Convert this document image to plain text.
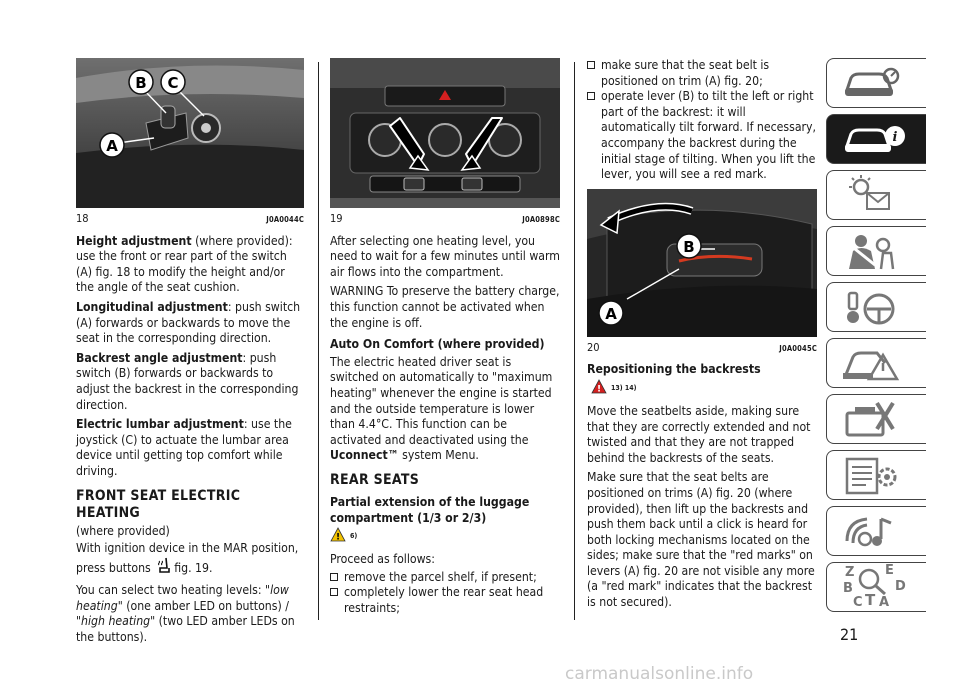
B C
A
18	J0A0044C

Height adjustment (where provided): use the front or rear part of the switch (A) fig. 18 to modify the height and/or the angle of the seat cushion.

Longitudinal adjustment: push switch (A) forwards or backwards to move the seat in the corresponding direction.

Backrest angle adjustment: push switch (B) forwards or backwards to adjust the backrest in the corresponding direction.

Electric lumbar adjustment: use the joystick (C) to actuate the lumbar area device until getting top comfort while driving.

FRONT SEAT ELECTRIC HEATING

(where provided)

With ignition device in the MAR position, press buttons fig. 19.

You can select two heating levels: "low heating" (one amber LED on buttons) / "high heating" (two LED amber LEDs on the buttons).

19	J0A0898C

After selecting one heating level, you need to wait for a few minutes until warm air flows into the compartment.

WARNING To preserve the battery charge, this function cannot be activated when the engine is off.

Auto On Comfort (where provided)

The electric heated driver seat is switched on automatically to "maximum heating" whenever the engine is started and the outside temperature is lower than 4.4°C. This function can be activated and deactivated using the Uconnect™ system Menu.

REAR SEATS
Partial extension of the luggage compartment (1/3 or 2/3)
! 6)

Proceed as follows:

remove the parcel shelf, if present;
completely lower the rear seat head restraints;
make sure that the seat belt is positioned on trim (A) fig. 20;
operate lever (B) to tilt the left or right part of the backrest: it will automatically tilt forward. If necessary, accompany the backrest during the initial stage of tilting. When you lift the lever, you will see a red mark.
B
A
20	J0A0045C
Repositioning the backrests
! 13) 14)

Move the seatbelts aside, making sure that they are correctly extended and not twisted and that they are not trapped behind the backrests of the seats.

Make sure that the seat belts are positioned on trims (A) fig. 20 (where provided), then lift up the backrests and push them back until a click is heard for both locking mechanisms located on the sides; make sure that the "red marks" on levers (A) fig. 20 are not visible any more (a "red mark" indicates that the backrest is not secured).

i
Z E
B	D
C T A
21
carmanualsonline.info
